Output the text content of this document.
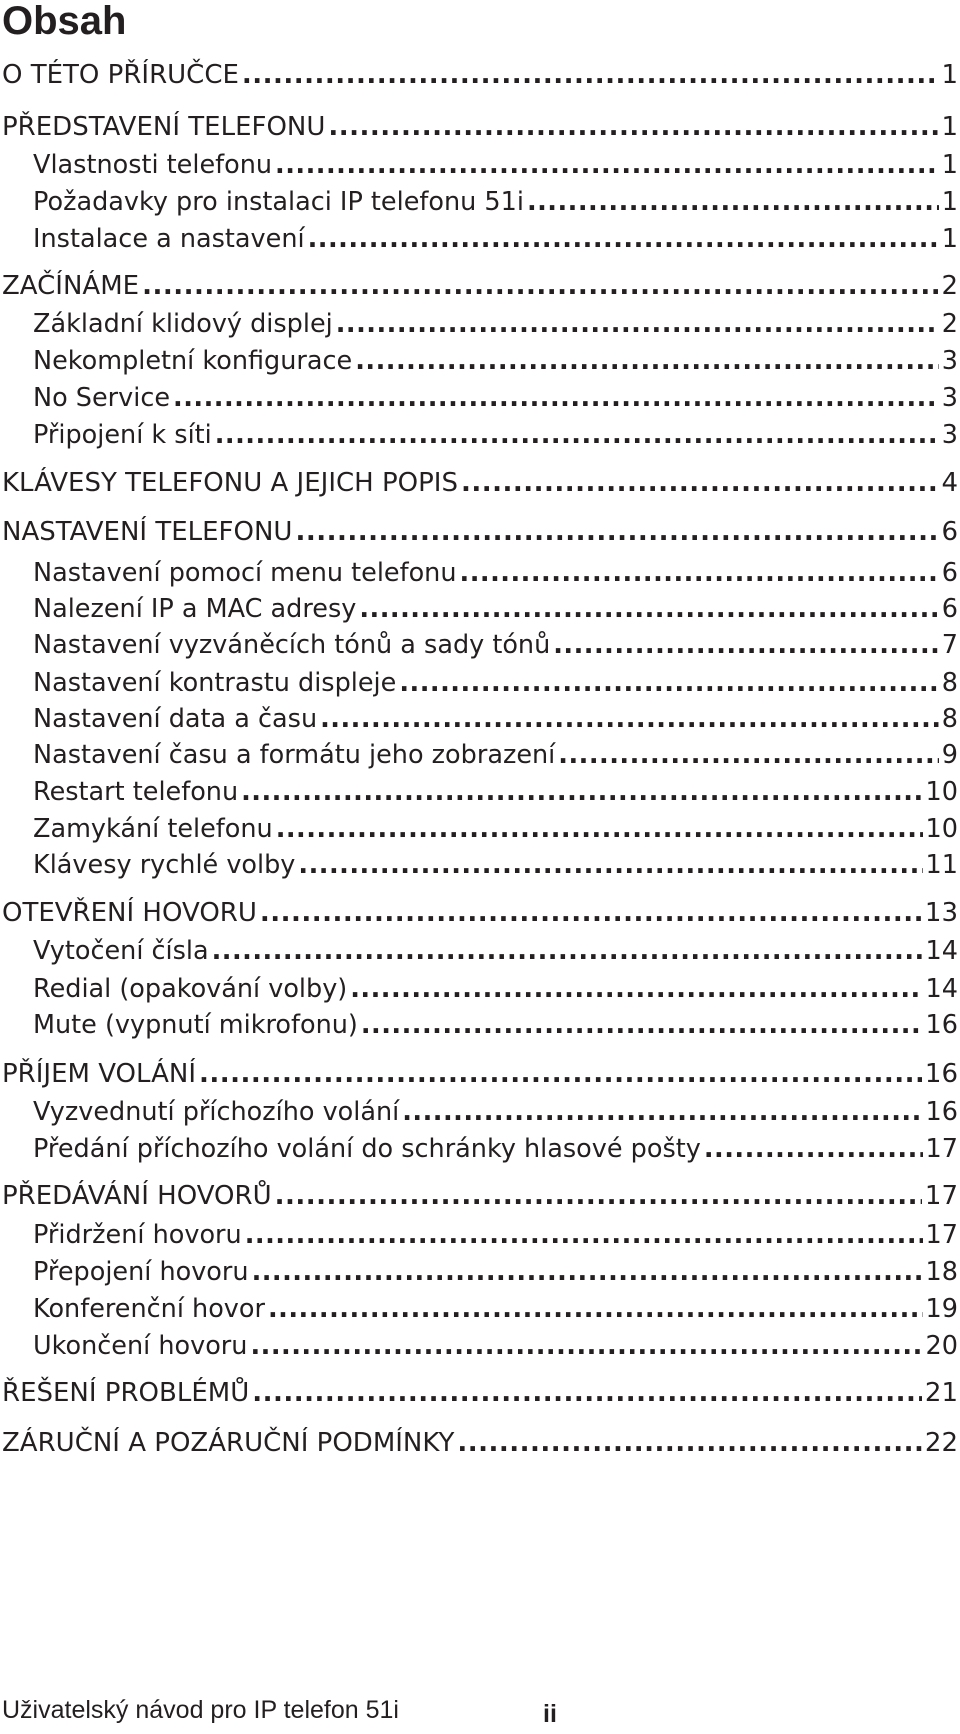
Obsah
O TÉTO PŘÍRUČCE .....	1
PŘEDSTAVENÍ TELEFONU .....	1
Vlastnosti telefonu .....	1
Požadavky pro instalaci IP telefonu 51i .....	1
Instalace a nastavení .....	1
ZAČÍNÁME .....	2
Základní klidový displej .....	2
Nekompletní konfigurace .....	3
No Service .....	3
Připojení k síti .....	3
KLÁVESY TELEFONU A JEJICH POPIS .....	4
NASTAVENÍ TELEFONU .....	6
Nastavení pomocí menu telefonu .....	6
Nalezení IP a MAC adresy .....	6
Nastavení vyzváněcích tónů a sady tónů .....	7
Nastavení kontrastu displeje .....	8
Nastavení data a času .....	8
Nastavení času a formátu jeho zobrazení .....	9
Restart telefonu .....	10
Zamykání telefonu .....	10
Klávesy rychlé volby .....	11
OTEVŘENÍ HOVORU .....	13
Vytočení čísla .....	14
Redial (opakování volby) .....	14
Mute (vypnutí mikrofonu) .....	16
PŘÍJEM VOLÁNÍ .....	16
Vyzvednutí příchozího volání .....	16
Předání příchozího volání do schránky hlasové pošty .....	17
PŘEDÁVÁNÍ HOVORŮ .....	17
Přidržení hovoru .....	17
Přepojení hovoru .....	18
Konferenční hovor .....	19
Ukončení hovoru .....	20
ŘEŠENÍ PROBLÉMŮ .....	21
ZÁRUČNÍ A POZÁRUČNÍ PODMÍNKY .....	22
Uživatelský návod pro IP telefon 51i	ii
